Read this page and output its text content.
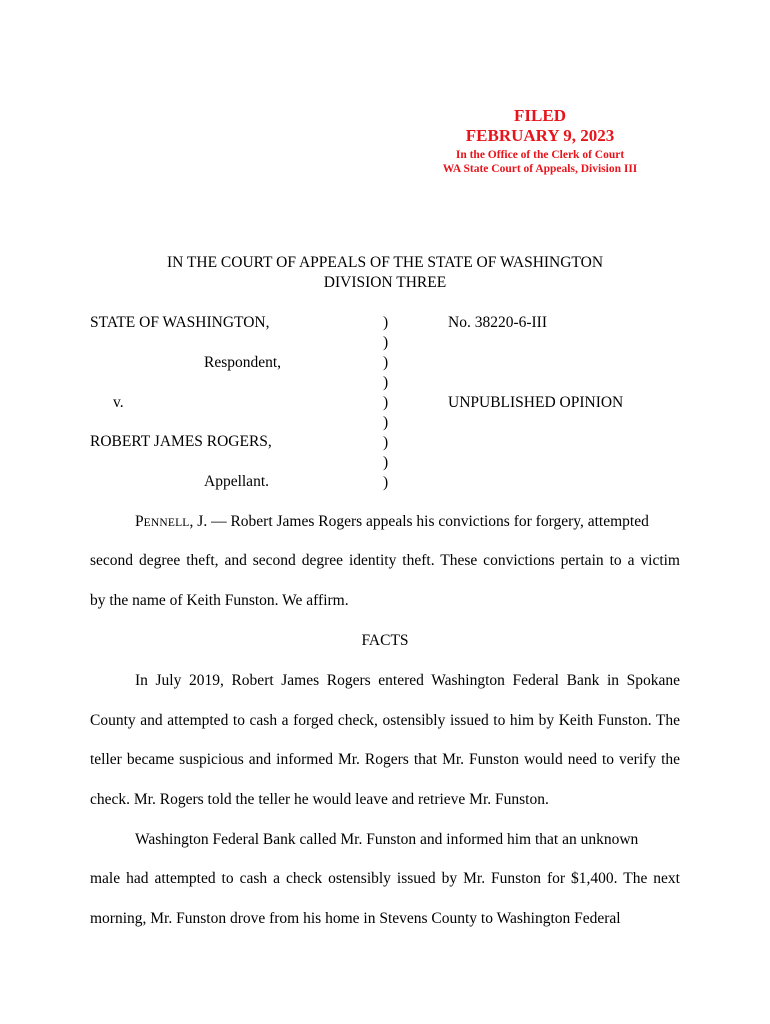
FILED
FEBRUARY 9, 2023
In the Office of the Clerk of Court
WA State Court of Appeals, Division III
IN THE COURT OF APPEALS OF THE STATE OF WASHINGTON
DIVISION THREE
STATE OF WASHINGTON,
Respondent,
v.
ROBERT JAMES ROGERS,
Appellant.
)
)
)
)
)
)
)
)
)
No. 38220-6-III
UNPUBLISHED OPINION
PENNELL, J. — Robert James Rogers appeals his convictions for forgery, attempted
second degree theft, and second degree identity theft. These convictions pertain to a victim
by the name of Keith Funston. We affirm.
FACTS
In July 2019, Robert James Rogers entered Washington Federal Bank in Spokane
County and attempted to cash a forged check, ostensibly issued to him by Keith Funston. The
teller became suspicious and informed Mr. Rogers that Mr. Funston would need to verify the
check. Mr. Rogers told the teller he would leave and retrieve Mr. Funston.
Washington Federal Bank called Mr. Funston and informed him that an unknown
male had attempted to cash a check ostensibly issued by Mr. Funston for $1,400. The next
morning, Mr. Funston drove from his home in Stevens County to Washington Federal
